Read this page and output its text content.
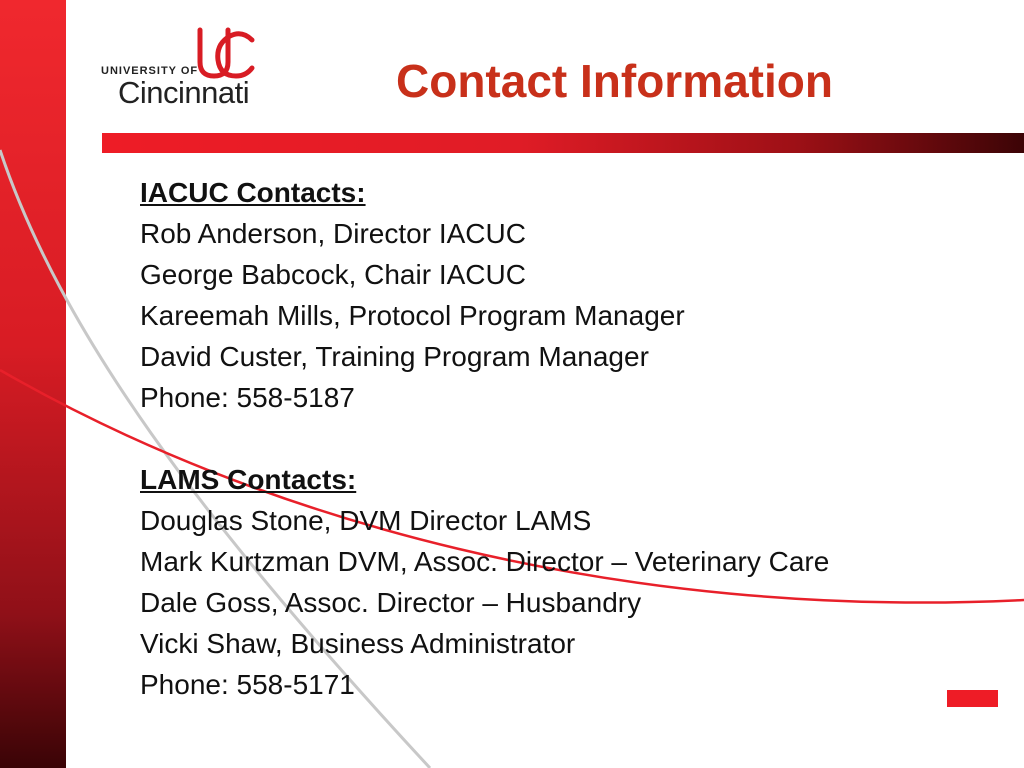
UNIVERSITY OF
Cincinnati	Contact Information
IACUC Contacts:
Rob Anderson, Director IACUC
George Babcock, Chair IACUC
Kareemah Mills, Protocol Program Manager
David Custer, Training Program Manager
Phone: 558-5187
LAMS Contacts:
Douglas Stone, DVM Director LAMS
Mark Kurtzman DVM, Assoc. Director – Veterinary Care
Dale Goss, Assoc. Director – Husbandry
Vicki Shaw, Business Administrator
Phone: 558-5171
